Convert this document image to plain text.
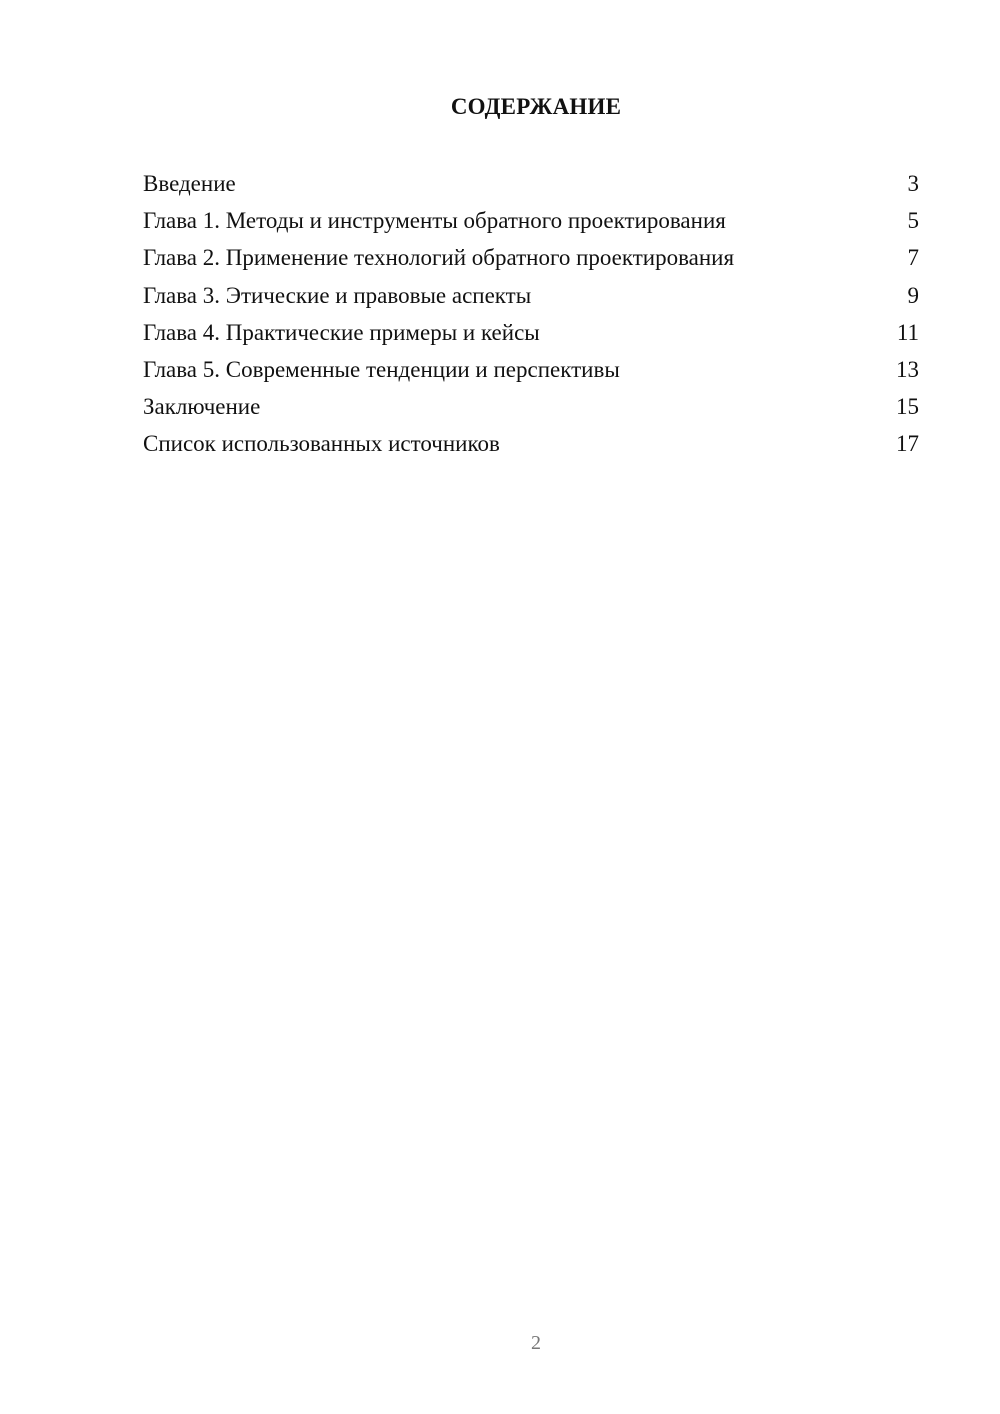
СОДЕРЖАНИЕ
Введение	3
Глава 1. Методы и инструменты обратного проектирования	5
Глава 2. Применение технологий обратного проектирования	7
Глава 3. Этические и правовые аспекты	9
Глава 4. Практические примеры и кейсы	11
Глава 5. Современные тенденции и перспективы	13
Заключение	15
Список использованных источников	17
2
